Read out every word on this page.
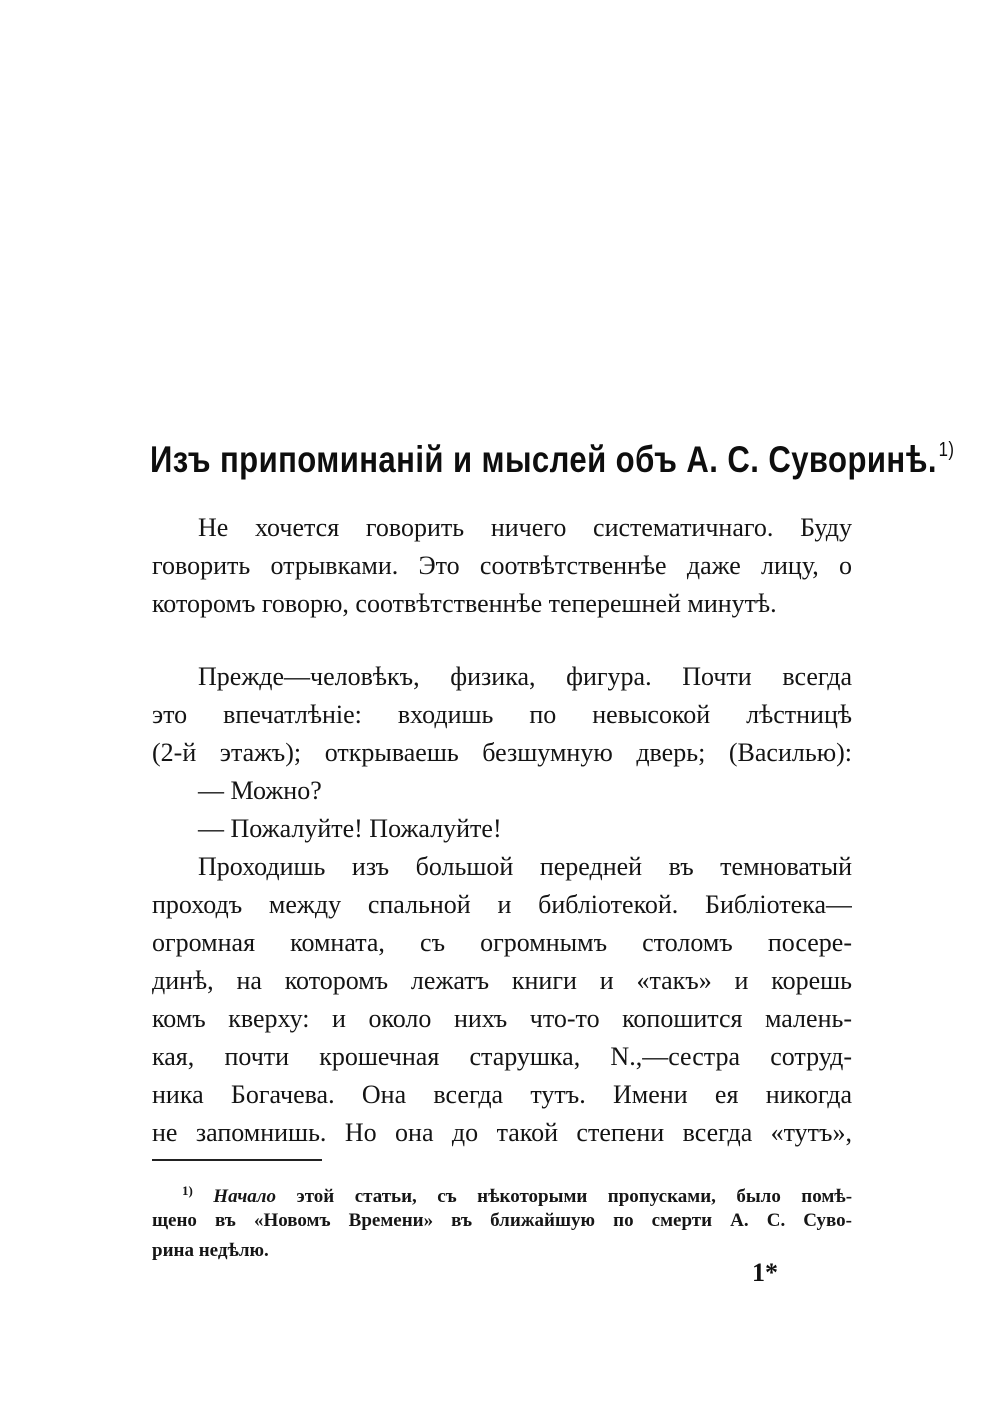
Изъ припоминаній и мыслей объ А. С. Суворинѣ.$^{1)}$
Не хочется говорить ничего систематичнаго. Буду
говорить отрывками. Это соотвѣтственнѣе даже лицу, о
которомъ говорю, соотвѣтственнѣе теперешней минутѣ.
Прежде—человѣкъ, физика, фигура. Почти всегда
это впечатлѣніе: входишь по невысокой лѣстницѣ
(2-й этажъ); открываешь безшумную дверь; (Василью):
— Можно?
— Пожалуйте! Пожалуйте!
Проходишь изъ большой передней въ темноватый
проходъ между спальной и библіотекой. Библіотека—
огромная комната, съ огромнымъ столомъ посере-
динѣ, на которомъ лежатъ книги и «такъ» и корешь
комъ кверху: и около нихъ что-то копошится малень-
кая, почти крошечная старушка, N.,—сестра сотруд-
ника Богачева. Она всегда тутъ. Имени ея никогда
не запомнишь. Но она до такой степени всегда «тутъ»,
$^{1)}$ Начало этой статьи, съ нѣкоторыми пропусками, было помѣ-
щено въ «Новомъ Времени» въ ближайшую по смерти А. С. Суво-
рина недѣлю.
1*
